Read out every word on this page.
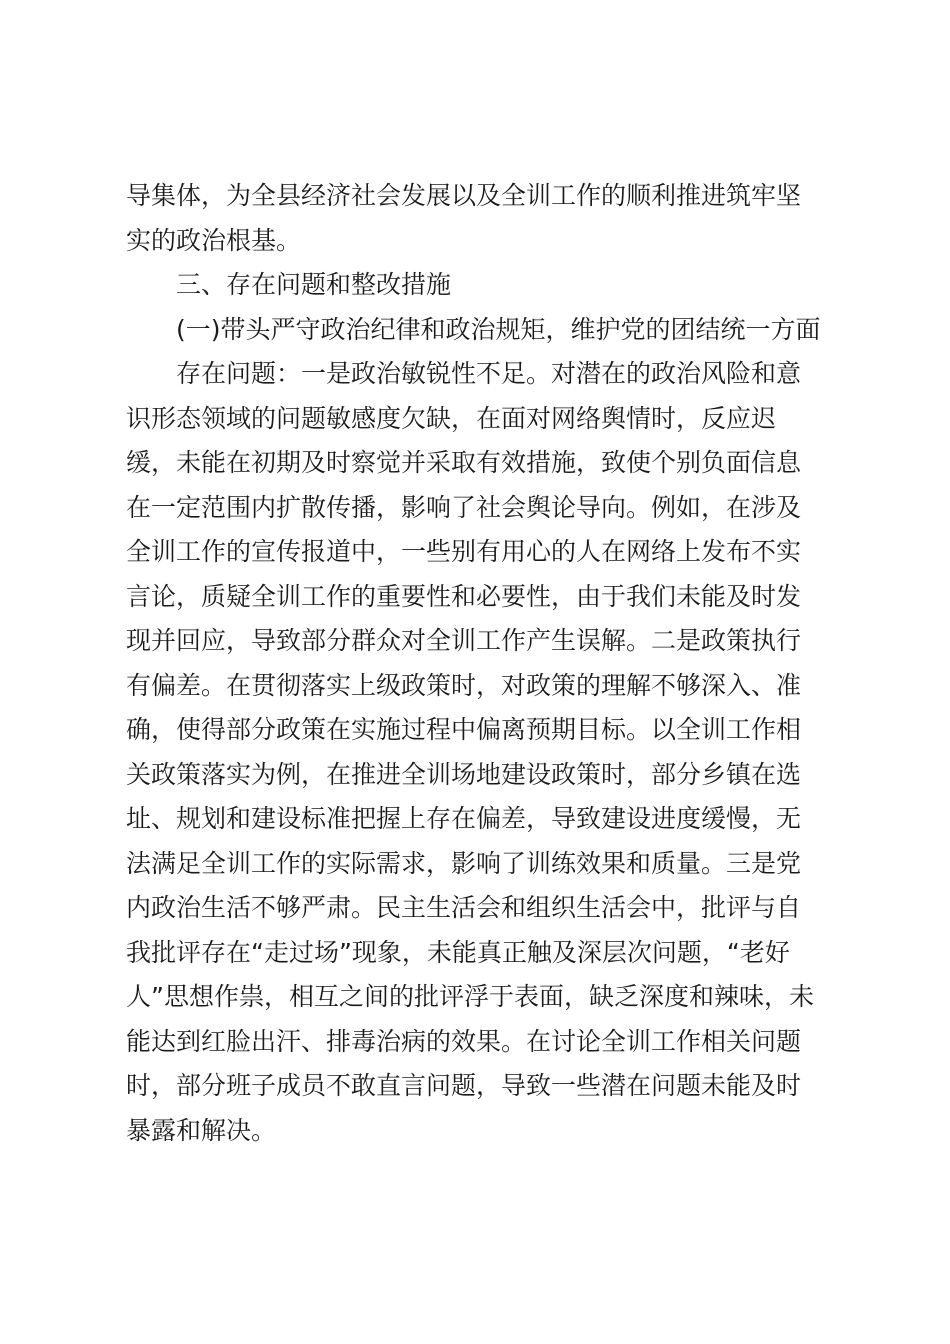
导集体，为全县经济社会发展以及全训工作的顺利推进筑牢坚
实的政治根基。
三、存在问题和整改措施
(一)带头严守政治纪律和政治规矩，维护党的团结统一方面
存在问题：一是政治敏锐性不足。对潜在的政治风险和意
识形态领域的问题敏感度欠缺，在面对网络舆情时，反应迟
缓，未能在初期及时察觉并采取有效措施，致使个别负面信息
在一定范围内扩散传播，影响了社会舆论导向。例如，在涉及
全训工作的宣传报道中，一些别有用心的人在网络上发布不实
言论，质疑全训工作的重要性和必要性，由于我们未能及时发
现并回应，导致部分群众对全训工作产生误解。二是政策执行
有偏差。在贯彻落实上级政策时，对政策的理解不够深入、准
确，使得部分政策在实施过程中偏离预期目标。以全训工作相
关政策落实为例，在推进全训场地建设政策时，部分乡镇在选
址、规划和建设标准把握上存在偏差，导致建设进度缓慢，无
法满足全训工作的实际需求，影响了训练效果和质量。三是党
内政治生活不够严肃。民主生活会和组织生活会中，批评与自
我批评存在“走过场”现象，未能真正触及深层次问题，“老好
人”思想作祟，相互之间的批评浮于表面，缺乏深度和辣味，未
能达到红脸出汗、排毒治病的效果。在讨论全训工作相关问题
时，部分班子成员不敢直言问题，导致一些潜在问题未能及时
暴露和解决。
